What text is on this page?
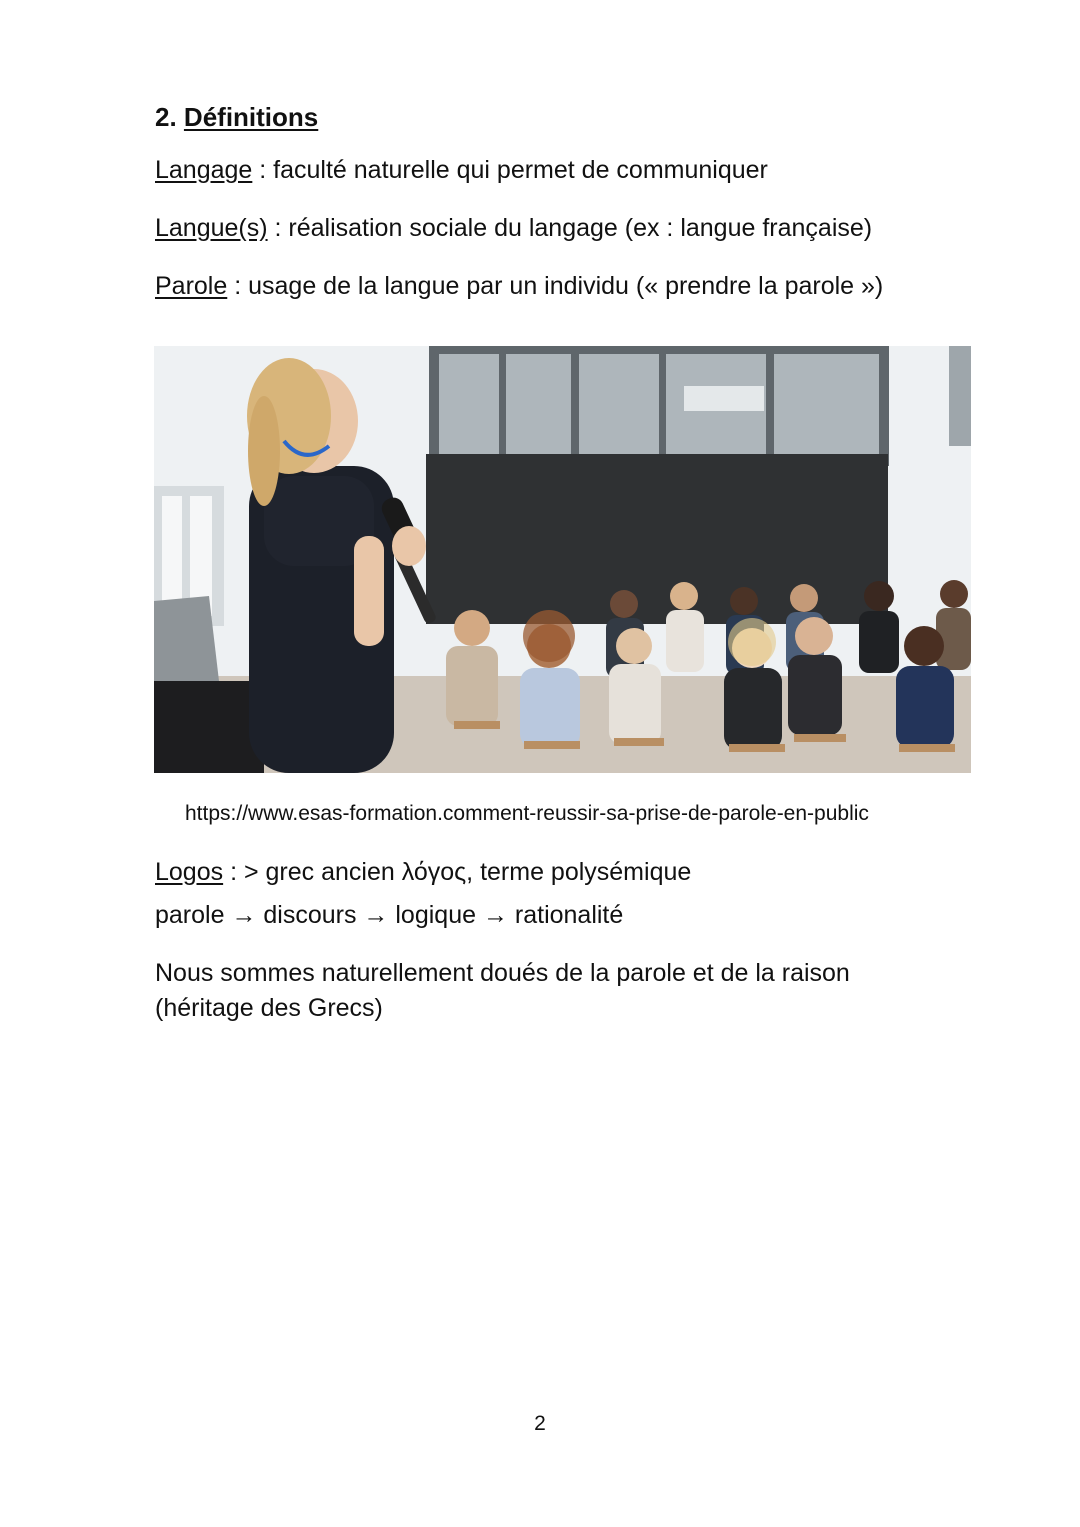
2. Définitions
Langage : faculté naturelle qui permet de communiquer
Langue(s) : réalisation sociale du langage (ex : langue française)
Parole : usage de la langue par un individu (« prendre la parole »)
https://www.esas-formation.comment-reussir-sa-prise-de-parole-en-public
Logos : > grec ancien λόγος, terme polysémique
parole → discours → logique → rationalité
Nous sommes naturellement doués de la parole et de la raison
(héritage des Grecs)
2
